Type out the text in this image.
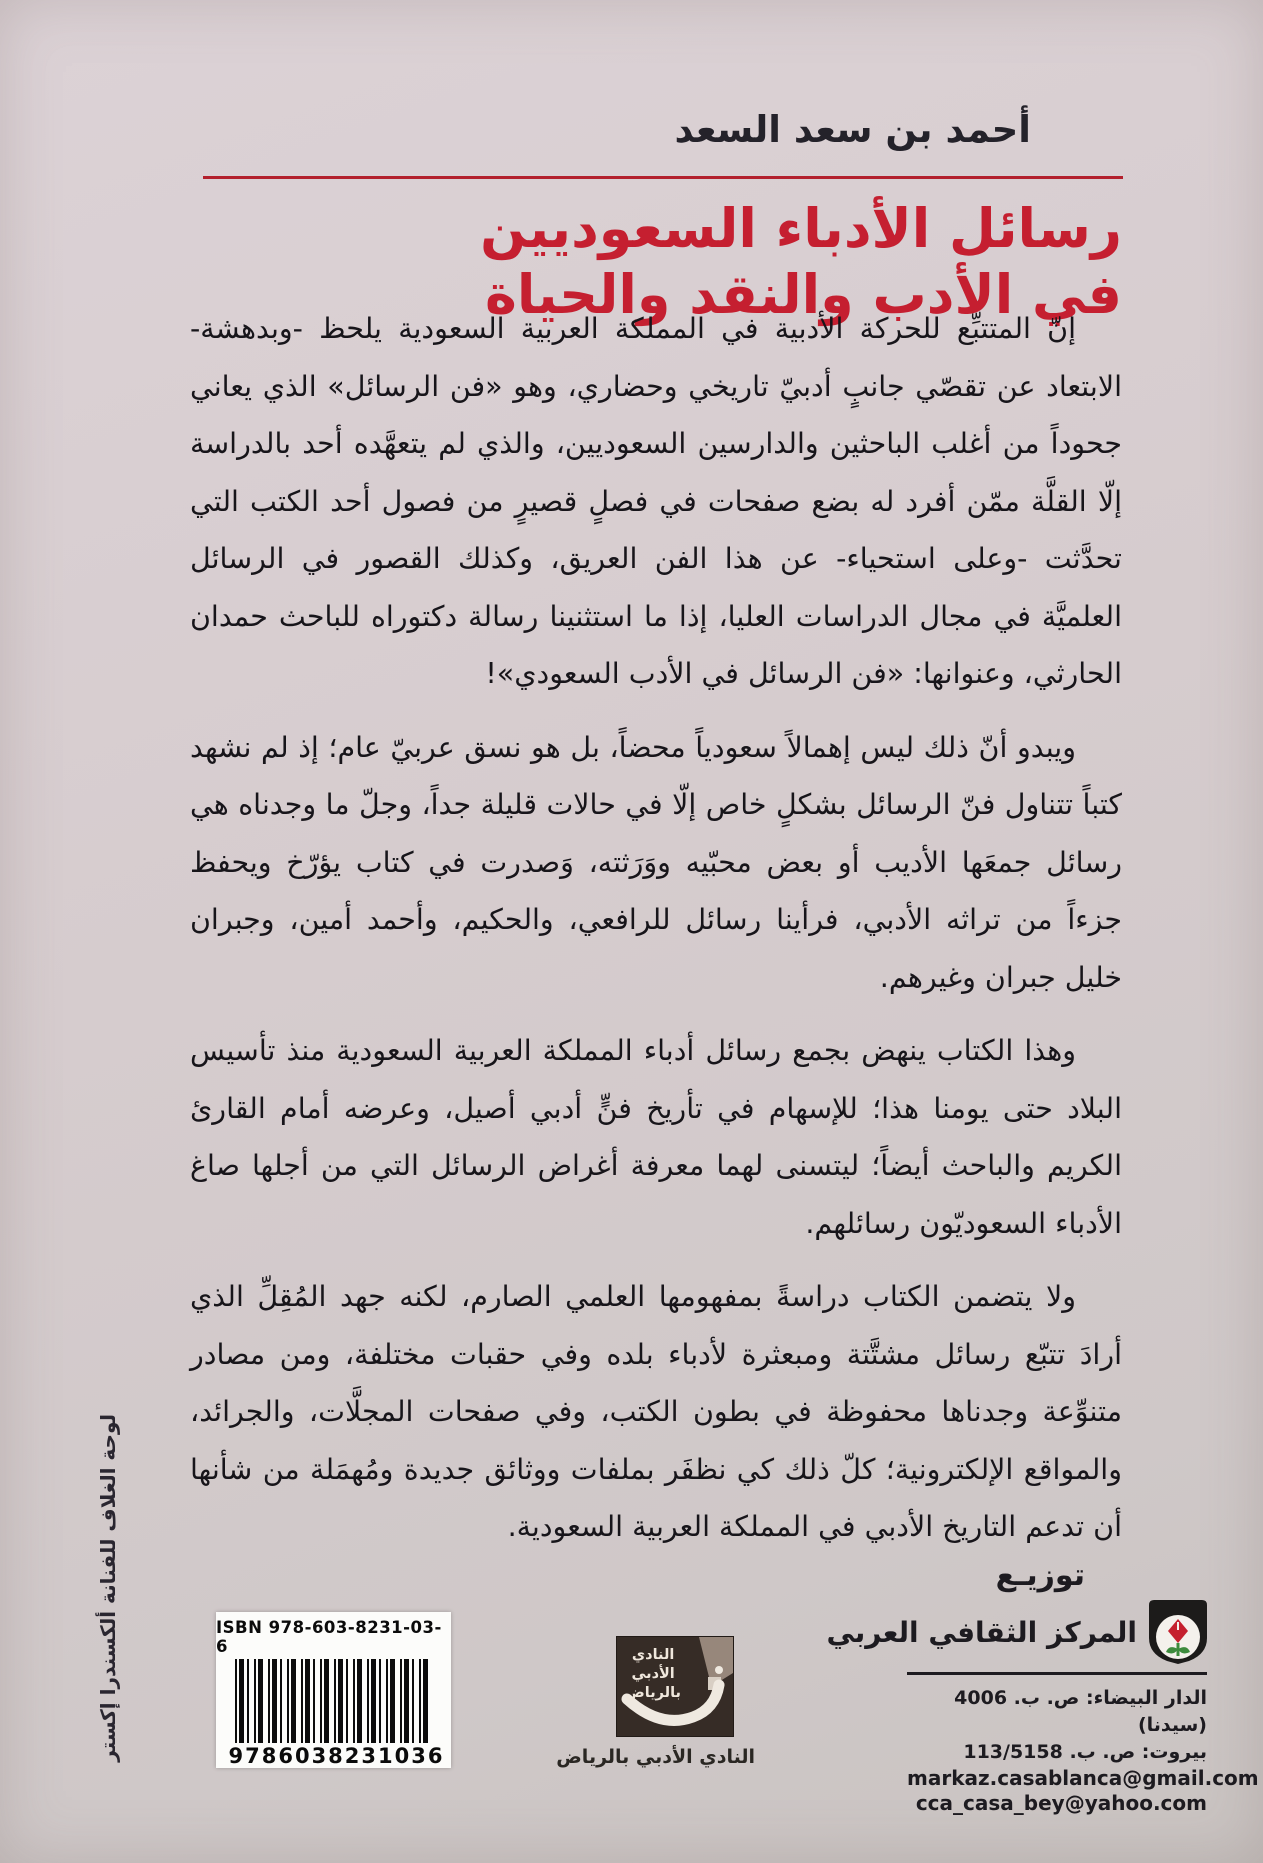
أحمد بن سعد السعد
رسائل الأدباء السعوديين
في الأدب والنقد والحياة

إنّ المتتبِّع للحركة الأدبية في المملكة العربية السعودية يلحظ -وبدهشة- الابتعاد عن تقصّي جانبٍ أدبيّ تاريخي وحضاري، وهو «فن الرسائل» الذي يعاني جحوداً من أغلب الباحثين والدارسين السعوديين، والذي لم يتعهَّده أحد بالدراسة إلّا القلَّة ممّن أفرد له بضع صفحات في فصلٍ قصيرٍ من فصول أحد الكتب التي تحدَّثت -وعلى استحياء- عن هذا الفن العريق، وكذلك القصور في الرسائل العلميَّة في مجال الدراسات العليا، إذا ما استثنينا رسالة دكتوراه للباحث حمدان الحارثي، وعنوانها: «فن الرسائل في الأدب السعودي»!

ويبدو أنّ ذلك ليس إهمالاً سعودياً محضاً، بل هو نسق عربيّ عام؛ إذ لم نشهد كتباً تتناول فنّ الرسائل بشكلٍ خاص إلّا في حالات قليلة جداً، وجلّ ما وجدناه هي رسائل جمعَها الأديب أو بعض محبّيه ووَرَثته، وَصدرت في كتاب يؤرّخ ويحفظ جزءاً من تراثه الأدبي، فرأينا رسائل للرافعي، والحكيم، وأحمد أمين، وجبران خليل جبران وغيرهم.

وهذا الكتاب ينهض بجمع رسائل أدباء المملكة العربية السعودية منذ تأسيس البلاد حتى يومنا هذا؛ للإسهام في تأريخ فنٍّ أدبي أصيل، وعرضه أمام القارئ الكريم والباحث أيضاً؛ ليتسنى لهما معرفة أغراض الرسائل التي من أجلها صاغ الأدباء السعوديّون رسائلهم.

ولا يتضمن الكتاب دراسةً بمفهومها العلمي الصارم، لكنه جهد المُقِلِّ الذي أرادَ تتبّع رسائل مشتَّتة ومبعثرة لأدباء بلده وفي حقبات مختلفة، ومن مصادر متنوِّعة وجدناها محفوظة في بطون الكتب، وفي صفحات المجلَّات، والجرائد، والمواقع الإلكترونية؛ كلّ ذلك كي نظفَر بملفات ووثائق جديدة ومُهمَلة من شأنها أن تدعم التاريخ الأدبي في المملكة العربية السعودية.

توزيـع
المركز الثقافي العربي
الدار البيضاء: ص. ب. 4006 (سيدنا)
بيروت: ص. ب. 113/5158
markaz.casablanca@gmail.com
cca_casa_bey@yahoo.com
النادي
الأدبي
بالرياض
النادي الأدبي بالرياض
ISBN 978-603-8231-03-6
9 786038 231036
لوحة الغلاف للفنانة ألكسندرا إكستر
